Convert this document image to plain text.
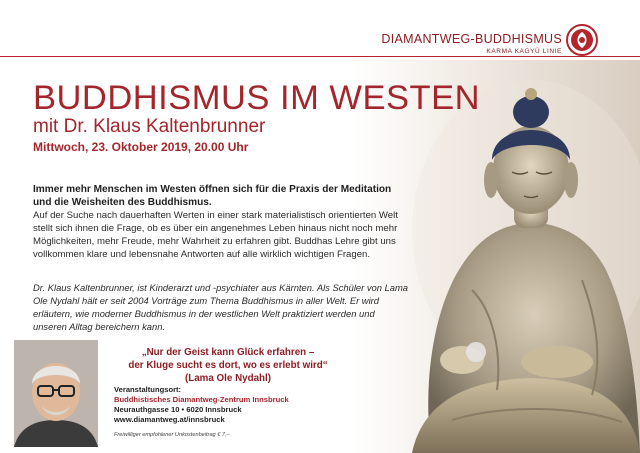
DIAMANTWEG-BUDDHISMUS
KARMA KAGYÜ LINIE
BUDDHISMUS IM WESTEN
mit Dr. Klaus Kaltenbrunner
Mittwoch, 23. Oktober 2019, 20.00 Uhr
Immer mehr Menschen im Westen öffnen sich für die Praxis der Meditation und die Weisheiten des Buddhismus.
Auf der Suche nach dauerhaften Werten in einer stark materialistisch orientierten Welt stellt sich ihnen die Frage, ob es über ein angenehmes Leben hinaus nicht noch mehr Möglichkeiten, mehr Freude, mehr Wahrheit zu erfahren gibt. Buddhas Lehre gibt uns vollkommen klare und lebensnahe Antworten auf alle wirklich wichtigen Fragen.
Dr. Klaus Kaltenbrunner, ist Kinderarzt und -psychiater aus Kärnten. Als Schüler von Lama Ole Nydahl hält er seit 2004 Vorträge zum Thema Buddhismus in aller Welt. Er wird erläutern, wie moderner Buddhismus in der westlichen Welt praktiziert werden und unseren Alltag bereichern kann.
„Nur der Geist kann Glück erfahren –
der Kluge sucht es dort, wo es erlebt wird“
(Lama Ole Nydahl)
Veranstaltungsort:
Buddhistisches Diamantweg-Zentrum Innsbruck
Neurauthgasse 10 • 6020 Innsbruck
www.diamantweg.at/innsbruck
Freiwilliger empfohlener Unkostenbeitrag € 7,–
